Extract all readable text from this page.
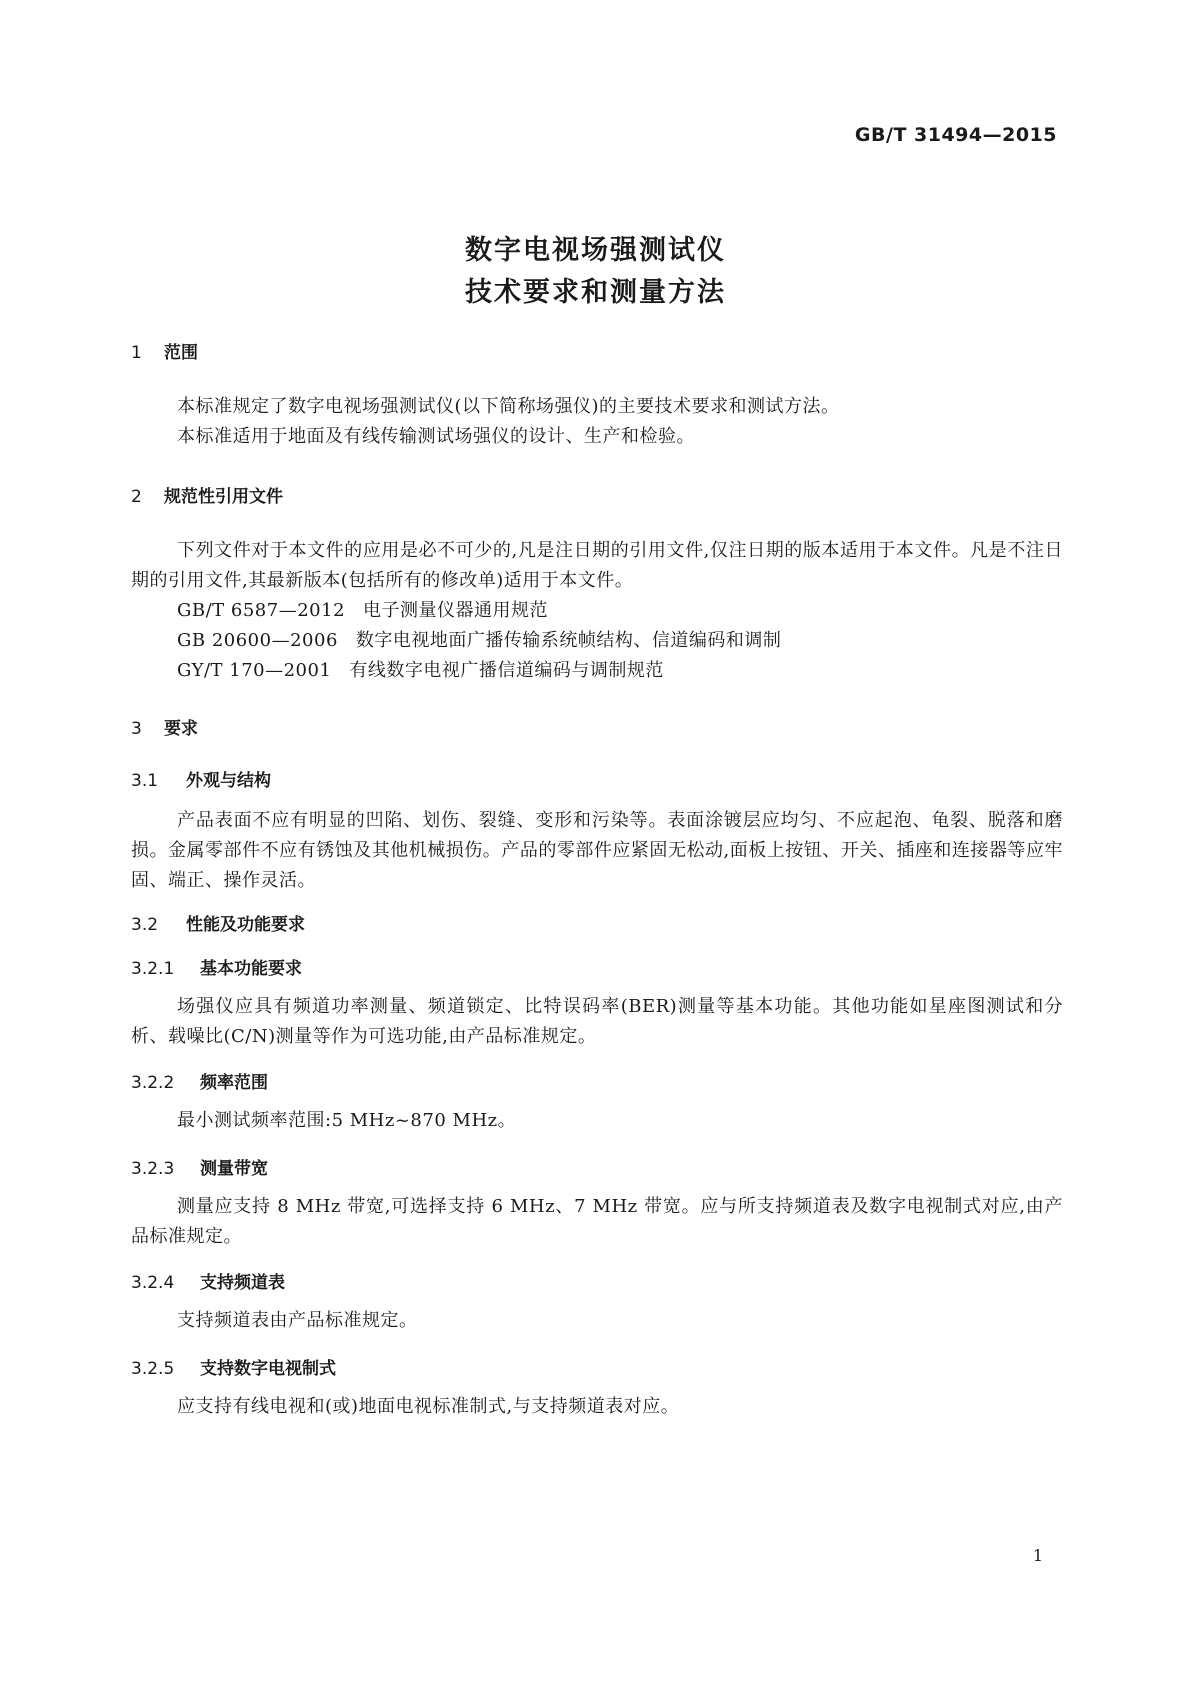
GB/T 31494—2015
数字电视场强测试仪
技术要求和测量方法
1 范围
本标准规定了数字电视场强测试仪(以下简称场强仪)的主要技术要求和测试方法。
本标准适用于地面及有线传输测试场强仪的设计、生产和检验。
2 规范性引用文件
下列文件对于本文件的应用是必不可少的,凡是注日期的引用文件,仅注日期的版本适用于本文件。凡是不注日期的引用文件,其最新版本(包括所有的修改单)适用于本文件。
GB/T 6587—2012 电子测量仪器通用规范
GB 20600—2006 数字电视地面广播传输系统帧结构、信道编码和调制
GY/T 170—2001 有线数字电视广播信道编码与调制规范
3 要求
3.1 外观与结构
产品表面不应有明显的凹陷、划伤、裂缝、变形和污染等。表面涂镀层应均匀、不应起泡、龟裂、脱落和磨损。金属零部件不应有锈蚀及其他机械损伤。产品的零部件应紧固无松动,面板上按钮、开关、插座和连接器等应牢固、端正、操作灵活。
3.2 性能及功能要求
3.2.1 基本功能要求
场强仪应具有频道功率测量、频道锁定、比特误码率(BER)测量等基本功能。其他功能如星座图测试和分析、载噪比(C/N)测量等作为可选功能,由产品标准规定。
3.2.2 频率范围
最小测试频率范围:5 MHz~870 MHz。
3.2.3 测量带宽
测量应支持 8 MHz 带宽,可选择支持 6 MHz、7 MHz 带宽。应与所支持频道表及数字电视制式对应,由产品标准规定。
3.2.4 支持频道表
支持频道表由产品标准规定。
3.2.5 支持数字电视制式
应支持有线电视和(或)地面电视标准制式,与支持频道表对应。
1
